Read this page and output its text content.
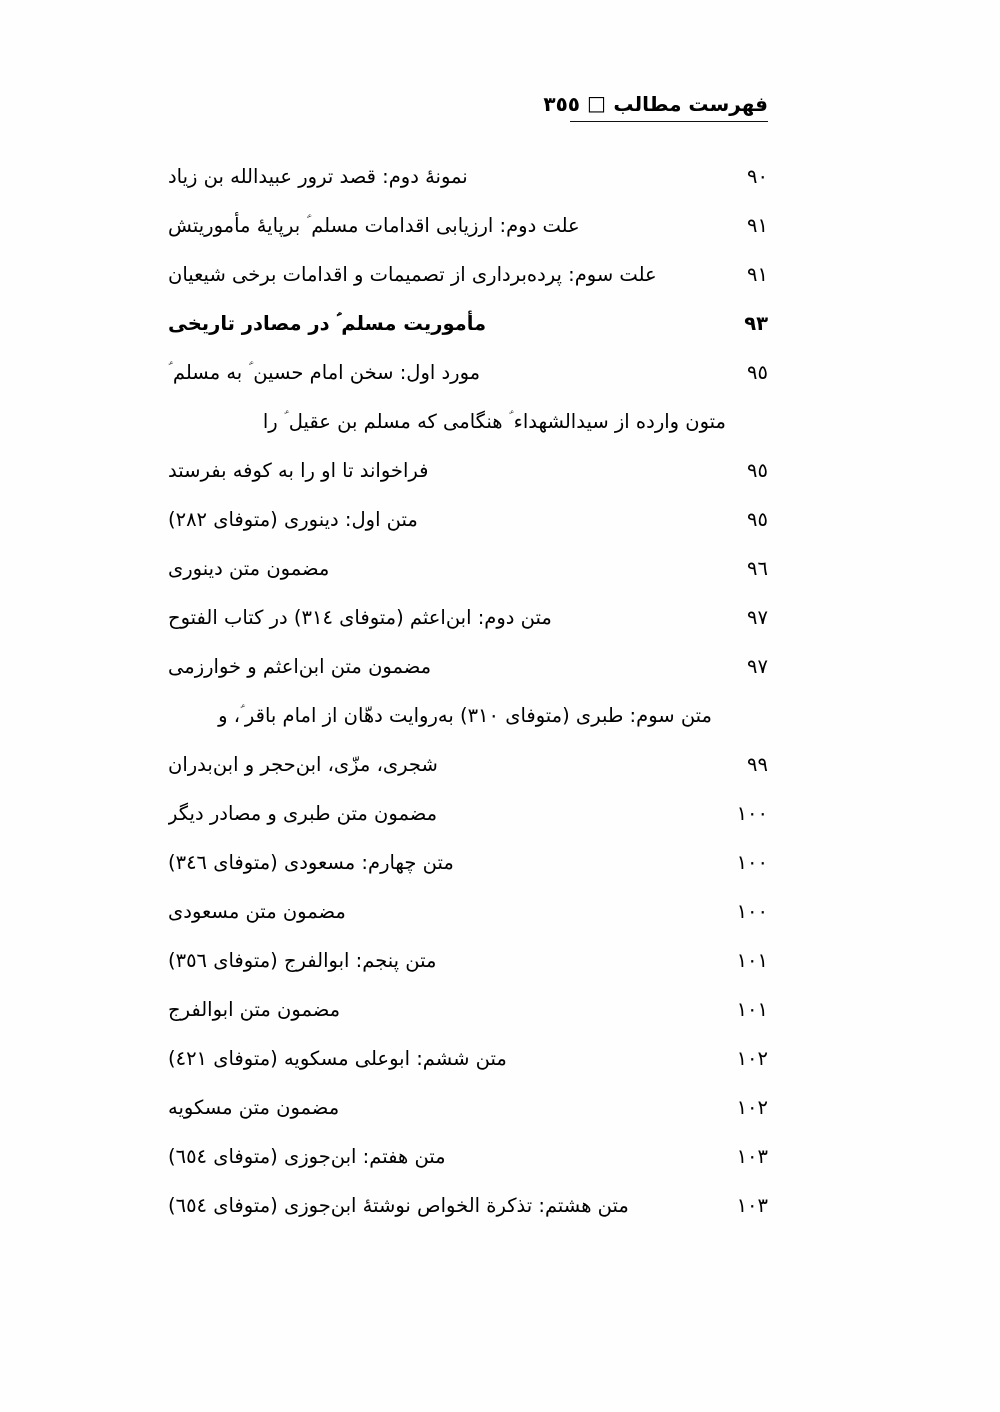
فهرست مطالب□٣٥٥
نمونهٔ دوم: قصد ترور عبیدالله بن زیاد .....	٩٠
علت دوم: ارزیابی اقدامات مسلم ؑ برپایهٔ مأموریتش .....	٩١
علت سوم: پرده‌برداری از تصمیمات و اقدامات برخی شیعیان .....	٩١
مأموریت مسلم ؑ در مصادر تاریخی .....	٩٣
مورد اول: سخن امام حسین ؑ به مسلم ؑ .....	٩٥
متون وارده از سیدالشهداء ؑ هنگامی که مسلم بن عقیل ؑ را
فراخواند تا او را به کوفه بفرستد .....	٩٥
متن اول: دینوری (متوفای ٢٨٢) .....	٩٥
مضمون متن دینوری .....	٩٦
متن دوم: ابن‌اعثم (متوفای ٣١٤) در کتاب الفتوح .....	٩٧
مضمون متن ابن‌اعثم و خوارزمی .....	٩٧
متن سوم: طبری (متوفای ٣١٠) به‌روایت دهّان از امام باقر ؑ، و
شجری، مزّی، ابن‌حجر و ابن‌بدران .....	٩٩
مضمون متن طبری و مصادر دیگر .....	١٠٠
متن چهارم: مسعودی (متوفای ٣٤٦) .....	١٠٠
مضمون متن مسعودی .....	١٠٠
متن پنجم: ابوالفرج (متوفای ٣٥٦) .....	١٠١
مضمون متن ابوالفرج .....	١٠١
متن ششم: ابوعلی مسکویه (متوفای ٤٢١) .....	١٠٢
مضمون متن مسکویه .....	١٠٢
متن هفتم: ابن‌جوزی (متوفای ٦٥٤) .....	١٠٣
متن هشتم: تذکرة الخواص نوشتهٔ ابن‌جوزی (متوفای ٦٥٤) .....	١٠٣
